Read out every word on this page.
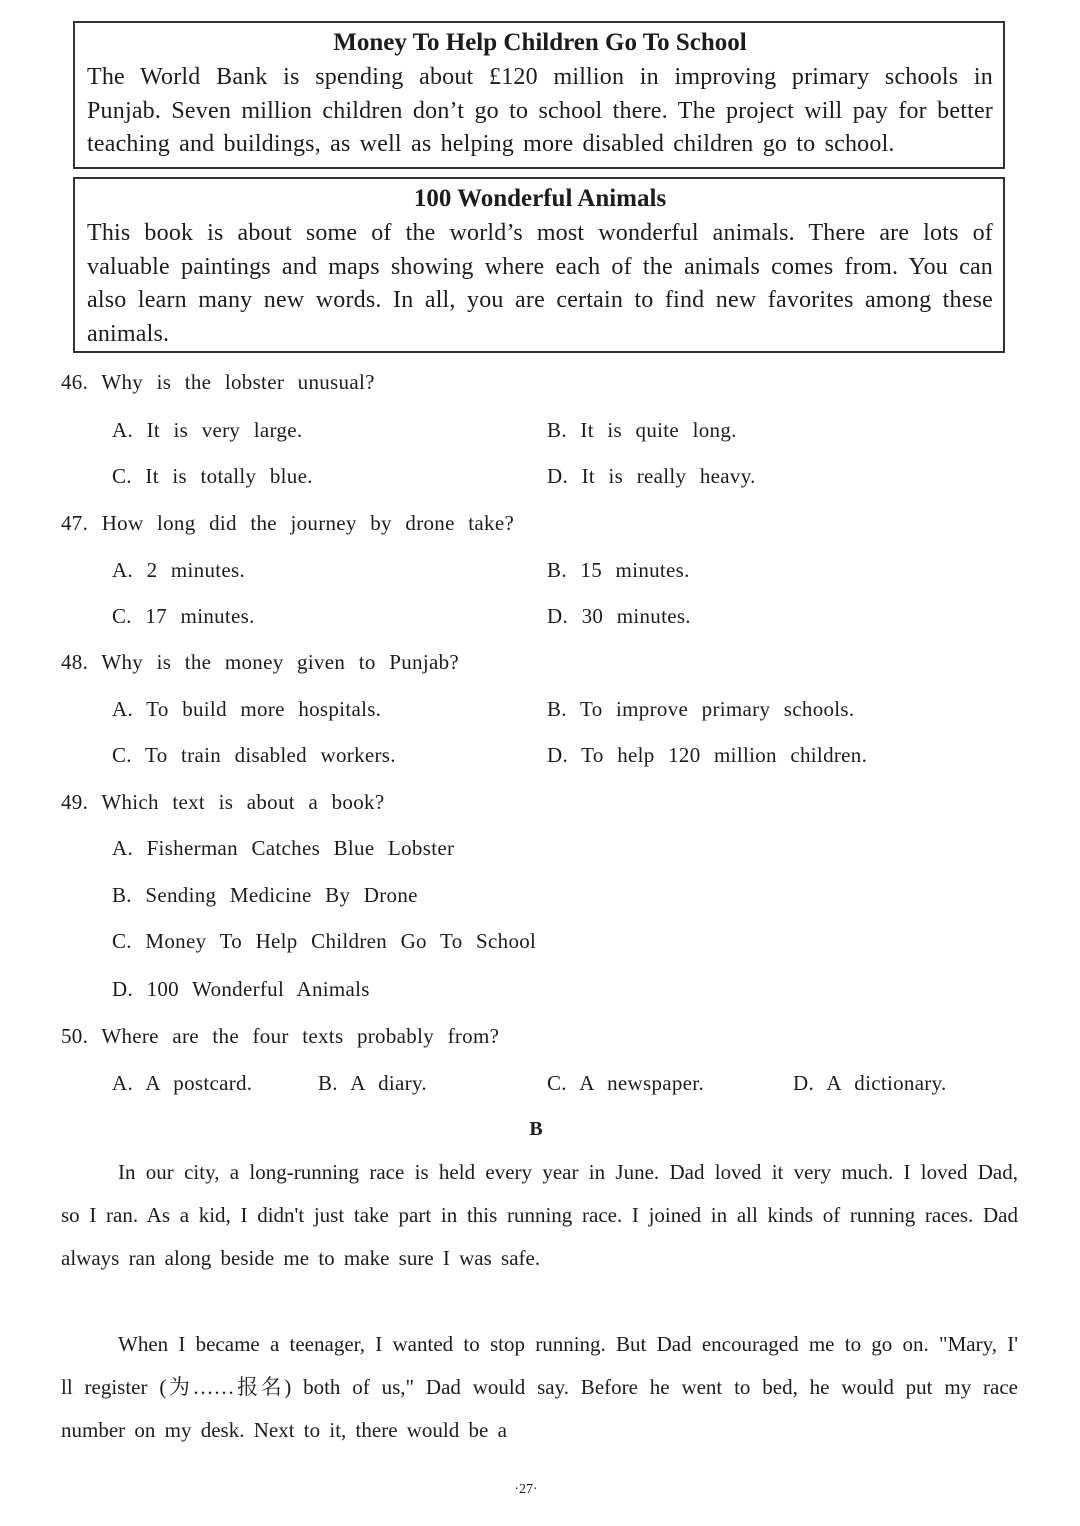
Money To Help Children Go To School
The World Bank is spending about £120 million in improving primary schools in Punjab. Seven million children don’t go to school there. The project will pay for better teaching and buildings, as well as helping more disabled children go to school.
100 Wonderful Animals
This book is about some of the world’s most wonderful animals. There are lots of valuable paintings and maps showing where each of the animals comes from. You can also learn many new words. In all, you are certain to find new favorites among these animals.
46. Why is the lobster unusual?
A. It is very large.	B. It is quite long.
C. It is totally blue.	D. It is really heavy.
47. How long did the journey by drone take?
A. 2 minutes.	B. 15 minutes.
C. 17 minutes.	D. 30 minutes.
48. Why is the money given to Punjab?
A. To build more hospitals.	B. To improve primary schools.
C. To train disabled workers.	D. To help 120 million children.
49. Which text is about a book?
A. Fisherman Catches Blue Lobster
B. Sending Medicine By Drone
C. Money To Help Children Go To School
D. 100 Wonderful Animals
50. Where are the four texts probably from?
A. A postcard.	B. A diary.	C. A newspaper.	D. A dictionary.
B
In our city, a long-running race is held every year in June. Dad loved it very much. I loved Dad, so I ran. As a kid, I didn't just take part in this running race. I joined in all kinds of running races. Dad always ran along beside me to make sure I was safe.
When I became a teenager, I wanted to stop running. But Dad encouraged me to go on. "Mary, I' ll register (为……报名) both of us," Dad would say. Before he went to bed, he would put my race number on my desk. Next to it, there would be a
·27·
